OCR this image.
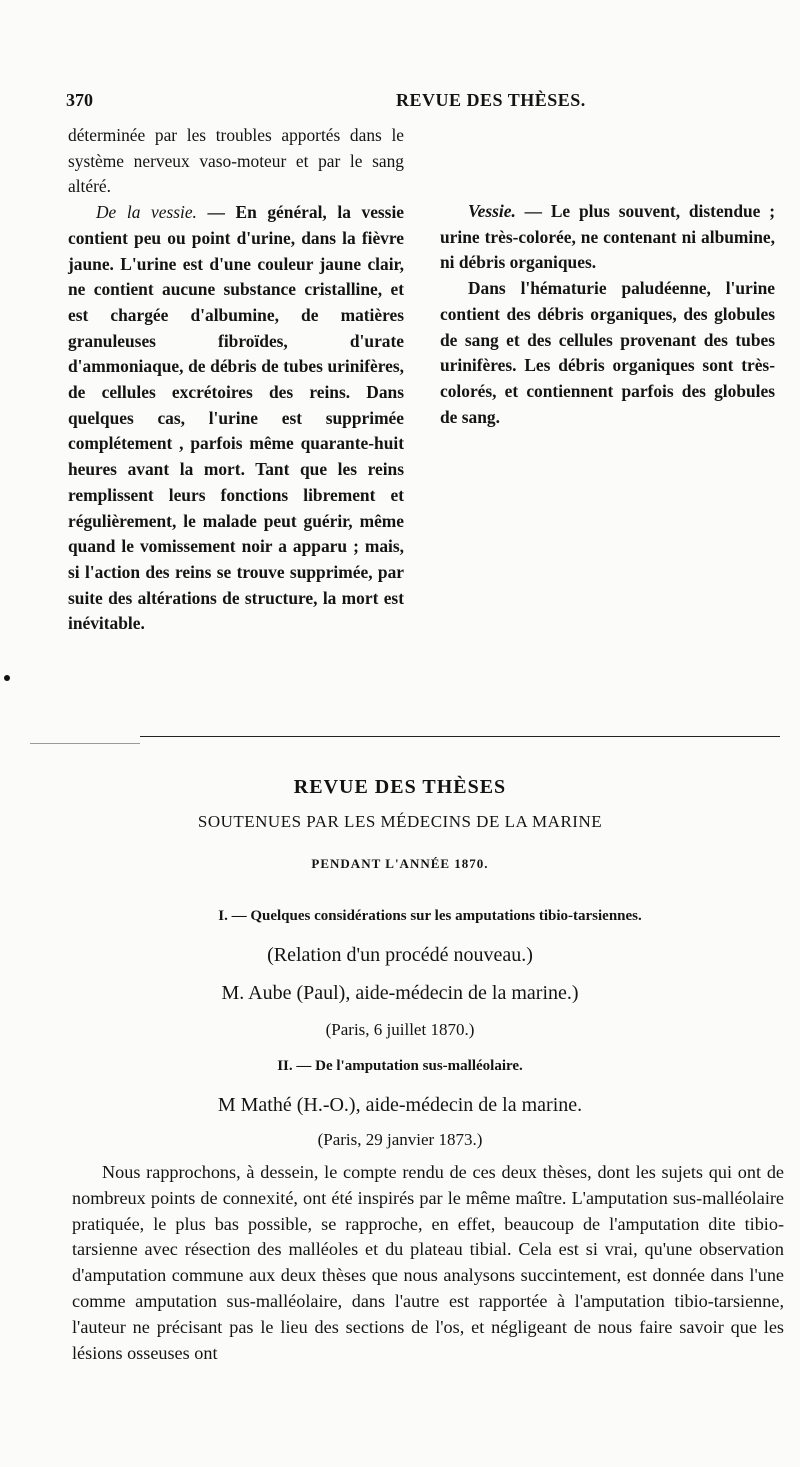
370	REVUE DES THÈSES.

déterminée par les troubles apportés dans le système nerveux vaso-moteur et par le sang altéré.

De la vessie. — En général, la vessie contient peu ou point d'urine, dans la fièvre jaune. L'urine est d'une couleur jaune clair, ne contient aucune substance cristalline, et est chargée d'albumine, de matières granuleuses fibroïdes, d'urate d'ammoniaque, de débris de tubes urinifères, de cellules excrétoires des reins. Dans quelques cas, l'urine est supprimée complétement , parfois même quarante-huit heures avant la mort. Tant que les reins remplissent leurs fonctions librement et régulièrement, le malade peut guérir, même quand le vomissement noir a apparu ; mais, si l'action des reins se trouve supprimée, par suite des altérations de structure, la mort est inévitable.

Vessie. — Le plus souvent, distendue ; urine très-colorée, ne contenant ni albumine, ni débris organiques.

Dans l'hématurie paludéenne, l'urine contient des débris organiques, des globules de sang et des cellules provenant des tubes urinifères. Les débris organiques sont très-colorés, et contiennent parfois des globules de sang.

REVUE DES THÈSES
SOUTENUES PAR LES MÉDECINS DE LA MARINE
PENDANT L'ANNÉE 1870.
I. — Quelques considérations sur les amputations tibio-tarsiennes.
(Relation d'un procédé nouveau.)
M. Aube (Paul), aide-médecin de la marine.)
(Paris, 6 juillet 1870.)
II. — De l'amputation sus-malléolaire.
M Mathé (H.-O.), aide-médecin de la marine.
(Paris, 29 janvier 1873.)

Nous rapprochons, à dessein, le compte rendu de ces deux thèses, dont les sujets qui ont de nombreux points de connexité, ont été inspirés par le même maître. L'amputation sus-malléolaire pratiquée, le plus bas possible, se rapproche, en effet, beaucoup de l'amputation dite tibio-tarsienne avec résection des malléoles et du plateau tibial. Cela est si vrai, qu'une observation d'amputation commune aux deux thèses que nous analysons succintement, est donnée dans l'une comme amputation sus-malléolaire, dans l'autre est rapportée à l'amputation tibio-tarsienne, l'auteur ne précisant pas le lieu des sections de l'os, et négligeant de nous faire savoir que les lésions osseuses ont
